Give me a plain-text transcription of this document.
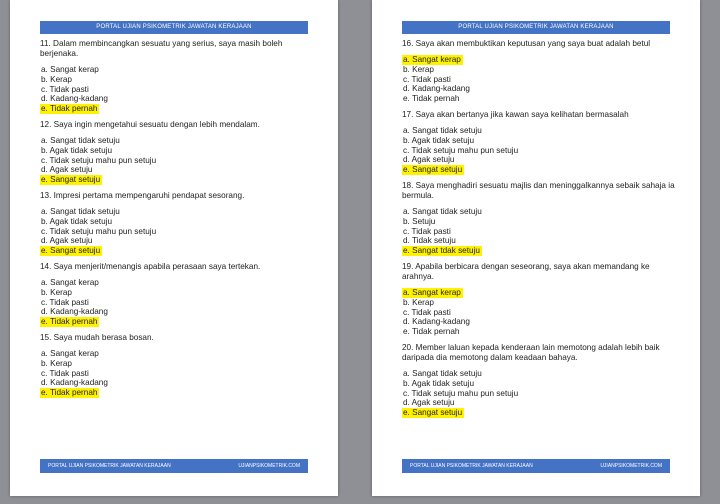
PORTAL UJIAN PSIKOMETRIK JAWATAN KERAJAAN

11. Dalam membincangkan sesuatu yang serius, saya masih boleh berjenaka.

a. Sangat kerap
b. Kerap
c. Tidak pasti
d. Kadang-kadang
e. Tidak pernah

12. Saya ingin mengetahui sesuatu dengan lebih mendalam.

a. Sangat tidak setuju
b. Agak tidak setuju
c. Tidak setuju mahu pun setuju
d. Agak setuju
e. Sangat setuju

13. Impresi pertama mempengaruhi pendapat sesorang.

a. Sangat tidak setuju
b. Agak tidak setuju
c. Tidak setuju mahu pun setuju
d. Agak setuju
e. Sangat setuju

14. Saya menjerit/menangis apabila perasaan saya tertekan.

a. Sangat kerap
b. Kerap
c. Tidak pasti
d. Kadang-kadang
e. Tidak pernah

15. Saya mudah berasa bosan.

a. Sangat kerap
b. Kerap
c. Tidak pasti
d. Kadang-kadang
e. Tidak pernah
PORTAL UJIAN PSIKOMETRIK JAWATAN KERAJAAN	UJIANPSIKOMETRIK.COM
PORTAL UJIAN PSIKOMETRIK JAWATAN KERAJAAN

16. Saya akan membuktikan keputusan yang saya buat adalah betul

a. Sangat kerap
b. Kerap
c. Tidak pasti
d. Kadang-kadang
e. Tidak pernah

17. Saya akan bertanya jika kawan saya kelihatan bermasalah

a. Sangat tidak setuju
b. Agak tidak setuju
c. Tidak setuju mahu pun setuju
d. Agak setuju
e. Sangat setuju

18. Saya menghadiri sesuatu majlis dan meninggalkannya sebaik sahaja ia bermula.

a. Sangat tidak setuju
b. Setuju
c. Tidak pasti
d. Tidak setuju
e. Sangat tdak setuju

19. Apabila berbicara dengan seseorang, saya akan memandang ke arahnya.

a. Sangat kerap
b. Kerap
c. Tidak pasti
d. Kadang-kadang
e. Tidak pernah

20. Member laluan kepada kenderaan lain memotong adalah lebih baik daripada dia memotong dalam keadaan bahaya.

a. Sangat tidak setuju
b. Agak tidak setuju
c. Tidak setuju mahu pun setuju
d. Agak setuju
e. Sangat setuju
PORTAL UJIAN PSIKOMETRIK JAWATAN KERAJAAN	UJIANPSIKOMETRIK.COM
